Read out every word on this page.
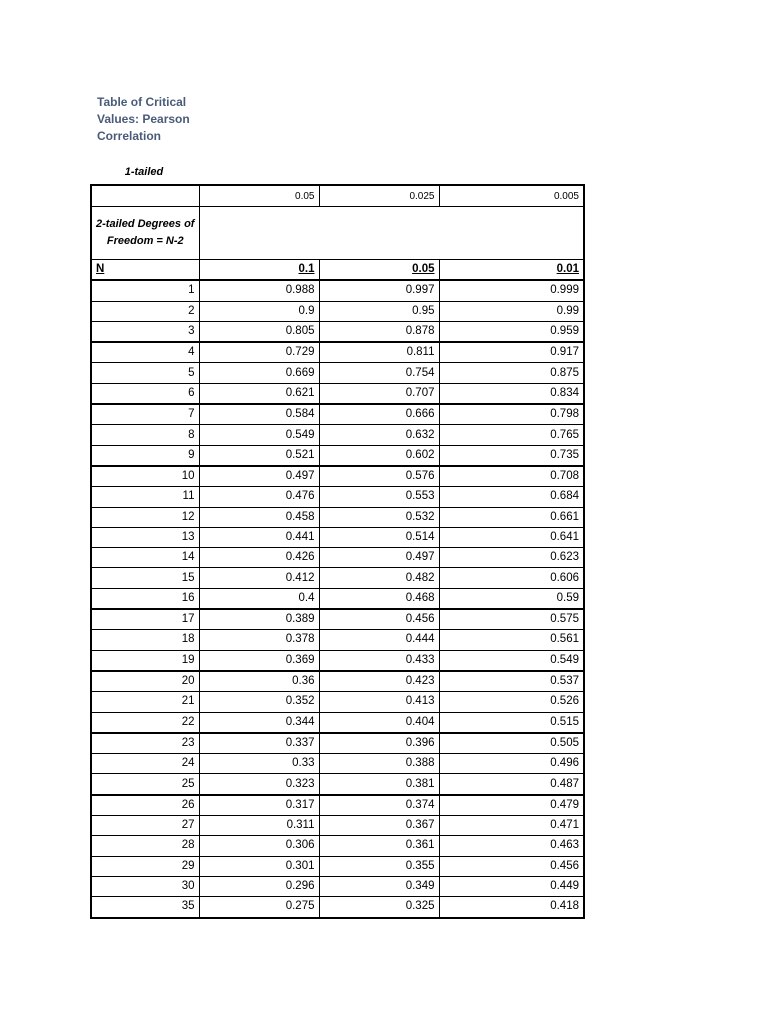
Table of Critical Values: Pearson Correlation
1-tailed
	0.05	0.025	0.005
2-tailed Degrees of Freedom = N-2			
N	0.1	0.05	0.01
1	0.988	0.997	0.999
2	0.9	0.95	0.99
3	0.805	0.878	0.959
4	0.729	0.811	0.917
5	0.669	0.754	0.875
6	0.621	0.707	0.834
7	0.584	0.666	0.798
8	0.549	0.632	0.765
9	0.521	0.602	0.735
10	0.497	0.576	0.708
11	0.476	0.553	0.684
12	0.458	0.532	0.661
13	0.441	0.514	0.641
14	0.426	0.497	0.623
15	0.412	0.482	0.606
16	0.4	0.468	0.59
17	0.389	0.456	0.575
18	0.378	0.444	0.561
19	0.369	0.433	0.549
20	0.36	0.423	0.537
21	0.352	0.413	0.526
22	0.344	0.404	0.515
23	0.337	0.396	0.505
24	0.33	0.388	0.496
25	0.323	0.381	0.487
26	0.317	0.374	0.479
27	0.311	0.367	0.471
28	0.306	0.361	0.463
29	0.301	0.355	0.456
30	0.296	0.349	0.449
35	0.275	0.325	0.418
